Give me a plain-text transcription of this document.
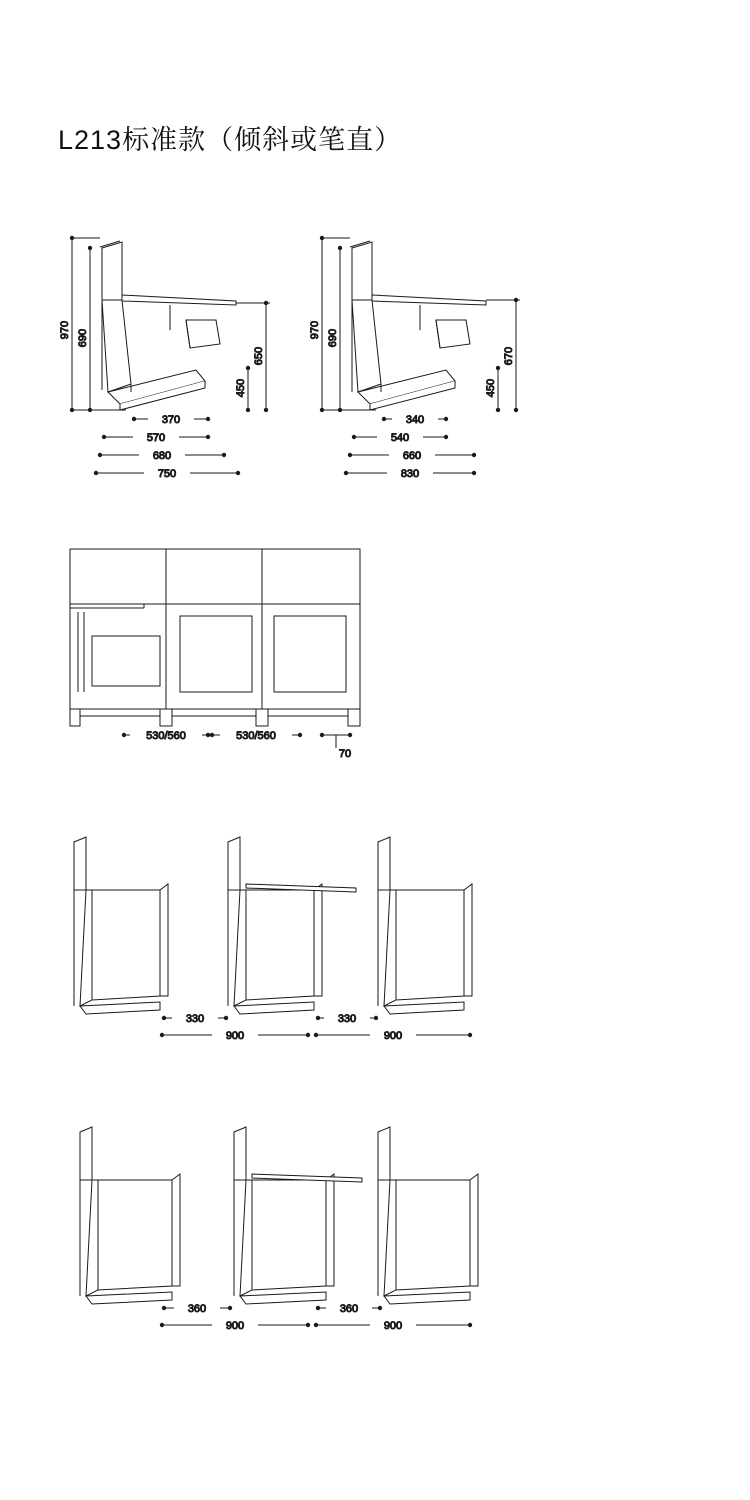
L213标准款（倾斜或笔直）
970 690
450
650
370
570
680
750
970 690
450
670
340
540
660
830
530/560	530/560
70
330	330
900	900
360	360
900	900
